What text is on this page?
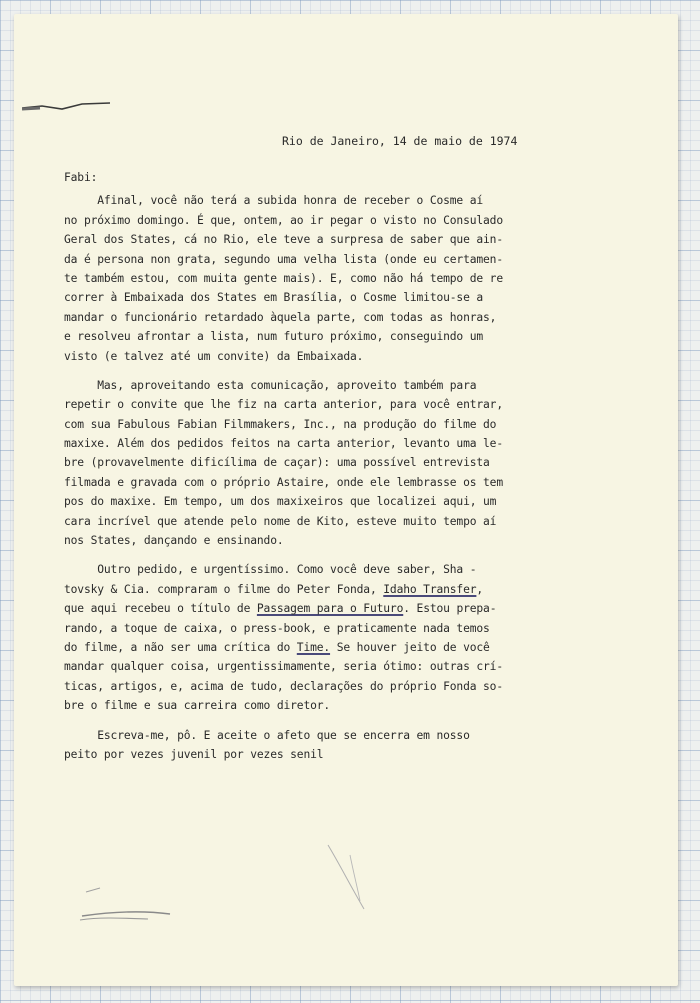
Rio de Janeiro, 14 de maio de 1974
Fabi:
Afinal, você não terá a subida honra de receber o Cosme aí
no próximo domingo. É que, ontem, ao ir pegar o visto no Consulado
Geral dos States, cá no Rio, ele teve a surpresa de saber que ain-
da é persona non grata, segundo uma velha lista (onde eu certamen-
te também estou, com muita gente mais). E, como não há tempo de re
correr à Embaixada dos States em Brasília, o Cosme limitou-se a
mandar o funcionário retardado àquela parte, com todas as honras,
e resolveu afrontar a lista, num futuro próximo, conseguindo um
visto (e talvez até um convite) da Embaixada.
Mas, aproveitando esta comunicação, aproveito também para
repetir o convite que lhe fiz na carta anterior, para você entrar,
com sua Fabulous Fabian Filmmakers, Inc., na produção do filme do
maxixe. Além dos pedidos feitos na carta anterior, levanto uma le-
bre (provavelmente dificílima de caçar): uma possível entrevista
filmada e gravada com o próprio Astaire, onde ele lembrasse os tem
pos do maxixe. Em tempo, um dos maxixeiros que localizei aqui, um
cara incrível que atende pelo nome de Kito, esteve muito tempo aí
nos States, dançando e ensinando.
Outro pedido, e urgentíssimo. Como você deve saber, Sha -
tovsky & Cia. compraram o filme do Peter Fonda, Idaho Transfer,
que aqui recebeu o título de Passagem para o Futuro. Estou prepa-
rando, a toque de caixa, o press-book, e praticamente nada temos
do filme, a não ser uma crítica do Time. Se houver jeito de você
mandar qualquer coisa, urgentissimamente, seria ótimo: outras crí-
ticas, artigos, e, acima de tudo, declarações do próprio Fonda so-
bre o filme e sua carreira como diretor.
Escreva-me, pô. E aceite o afeto que se encerra em nosso
peito por vezes juvenil por vezes senil
